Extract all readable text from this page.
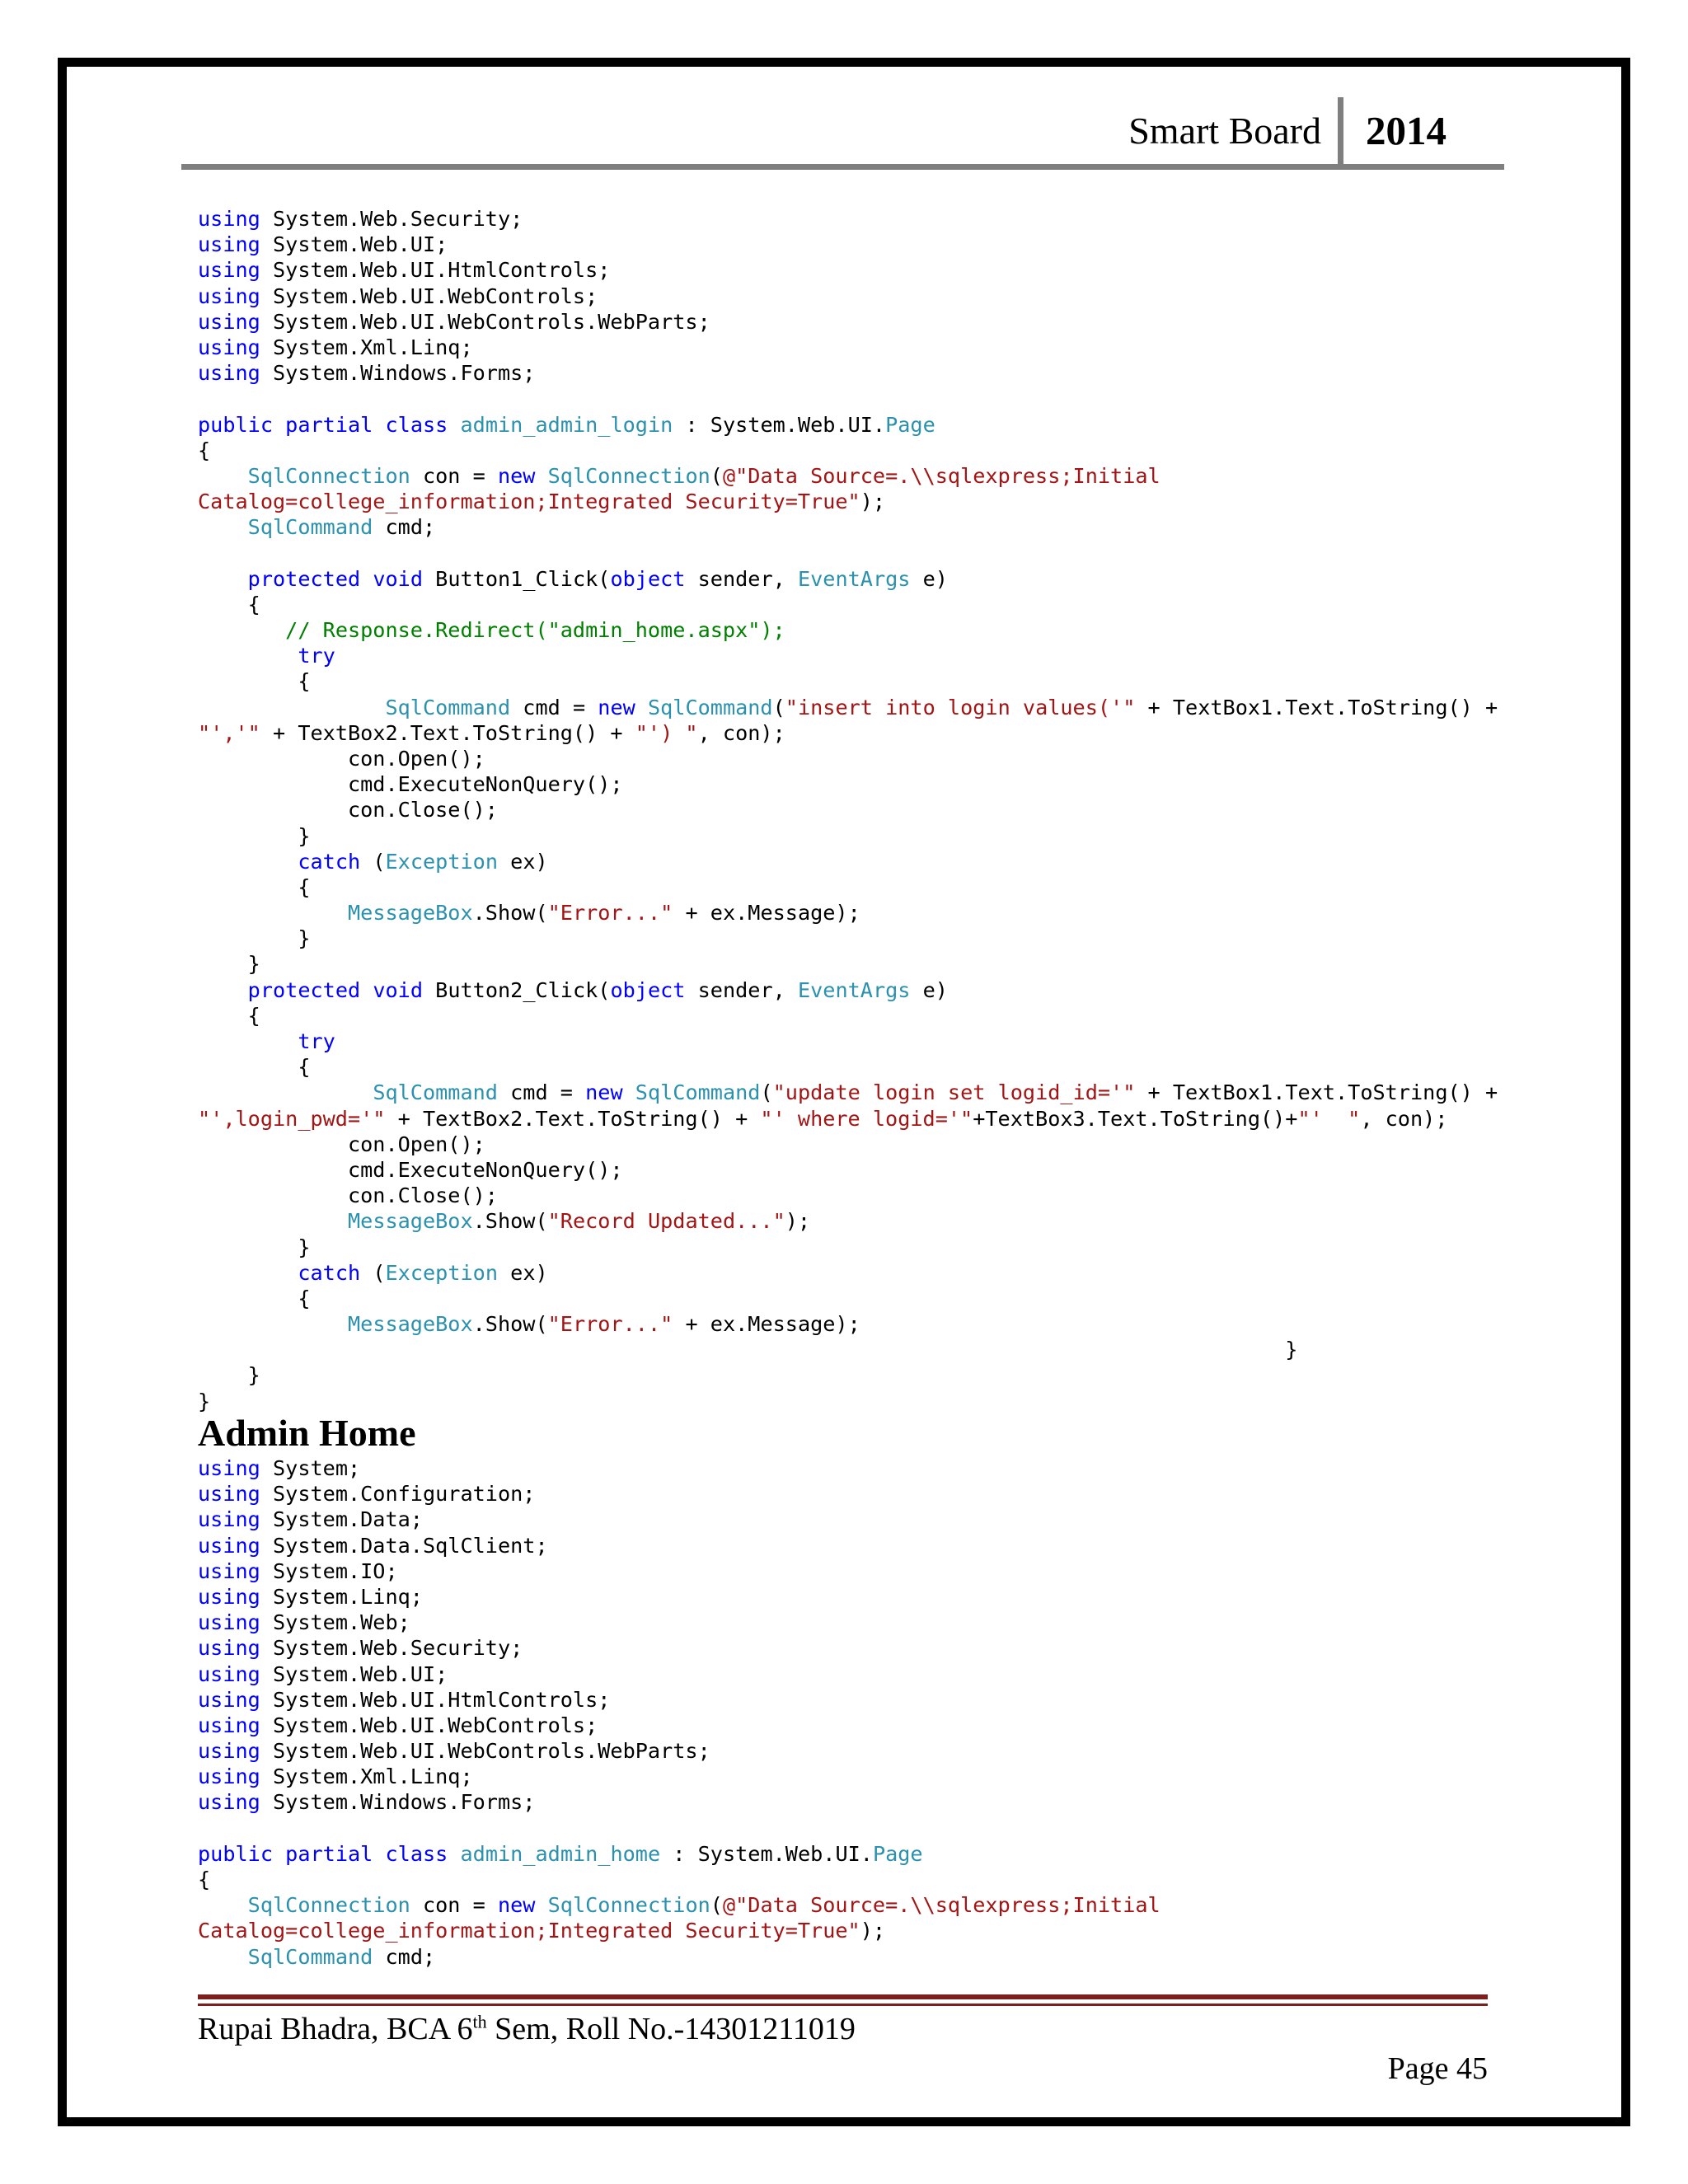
Smart Board 2014
using System.Web.Security;
using System.Web.UI;
using System.Web.UI.HtmlControls;
using System.Web.UI.WebControls;
using System.Web.UI.WebControls.WebParts;
using System.Xml.Linq;
using System.Windows.Forms;
public partial class admin_admin_login : System.Web.UI.Page
{
SqlConnection con = new SqlConnection(@"Data Source=.\\sqlexpress;Initial
Catalog=college_information;Integrated Security=True");
SqlCommand cmd;
protected void Button1_Click(object sender, EventArgs e)
{
// Response.Redirect("admin_home.aspx");
try
{
SqlCommand cmd = new SqlCommand("insert into login values('" + TextBox1.Text.ToString() +
"','" + TextBox2.Text.ToString() + "') ", con);
con.Open();
cmd.ExecuteNonQuery();
con.Close();
}
catch (Exception ex)
{
MessageBox.Show("Error..." + ex.Message);
}
}
protected void Button2_Click(object sender, EventArgs e)
{
try
{
SqlCommand cmd = new SqlCommand("update login set logid_id='" + TextBox1.Text.ToString() +
"',login_pwd='" + TextBox2.Text.ToString() + "' where logid='"+TextBox3.Text.ToString()+"'  ", con);
con.Open();
cmd.ExecuteNonQuery();
con.Close();
MessageBox.Show("Record Updated...");
}
catch (Exception ex)
{
MessageBox.Show("Error..." + ex.Message);
}
}
}
Admin Home
using System;
using System.Configuration;
using System.Data;
using System.Data.SqlClient;
using System.IO;
using System.Linq;
using System.Web;
using System.Web.Security;
using System.Web.UI;
using System.Web.UI.HtmlControls;
using System.Web.UI.WebControls;
using System.Web.UI.WebControls.WebParts;
using System.Xml.Linq;
using System.Windows.Forms;
public partial class admin_admin_home : System.Web.UI.Page
{
SqlConnection con = new SqlConnection(@"Data Source=.\\sqlexpress;Initial
Catalog=college_information;Integrated Security=True");
SqlCommand cmd;
Rupai Bhadra, BCA 6th Sem, Roll No.-14301211019
Page 45
